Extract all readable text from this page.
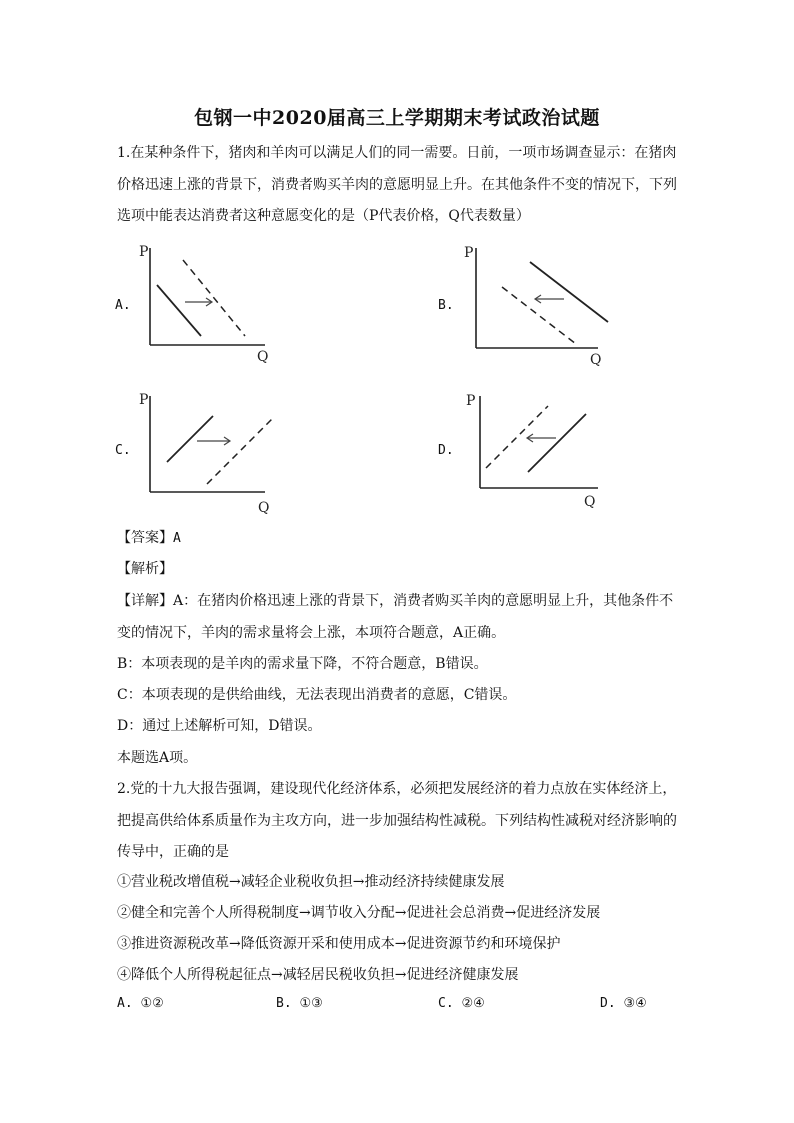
包钢一中2020届高三上学期期末考试政治试题

1.在某种条件下，猪肉和羊肉可以满足人们的同一需要。日前，一项市场调查显示：在猪肉价格迅速上涨的背景下，消费者购买羊肉的意愿明显上升。在其他条件不变的情况下，下列选项中能表达消费者这种意愿变化的是（P代表价格，Q代表数量）

A.
P
Q
B.
P
Q
C.
P
Q
D.
P
Q
【答案】A
【解析】

【详解】A：在猪肉价格迅速上涨的背景下，消费者购买羊肉的意愿明显上升，其他条件不变的情况下，羊肉的需求量将会上涨，本项符合题意，A正确。

B：本项表现的是羊肉的需求量下降，不符合题意，B错误。
C：本项表现的是供给曲线，无法表现出消费者的意愿，C错误。
D：通过上述解析可知，D错误。
本题选A项。

2.党的十九大报告强调，建设现代化经济体系，必须把发展经济的着力点放在实体经济上，把提高供给体系质量作为主攻方向，进一步加强结构性减税。下列结构性减税对经济影响的传导中，正确的是

①营业税改增值税→减轻企业税收负担→推动经济持续健康发展
②健全和完善个人所得税制度→调节收入分配→促进社会总消费→促进经济发展
③推进资源税改革→降低资源开采和使用成本→促进资源节约和环境保护
④降低个人所得税起征点→减轻居民税收负担→促进经济健康发展
A. ①②	B. ①③	C. ②④	D. ③④
